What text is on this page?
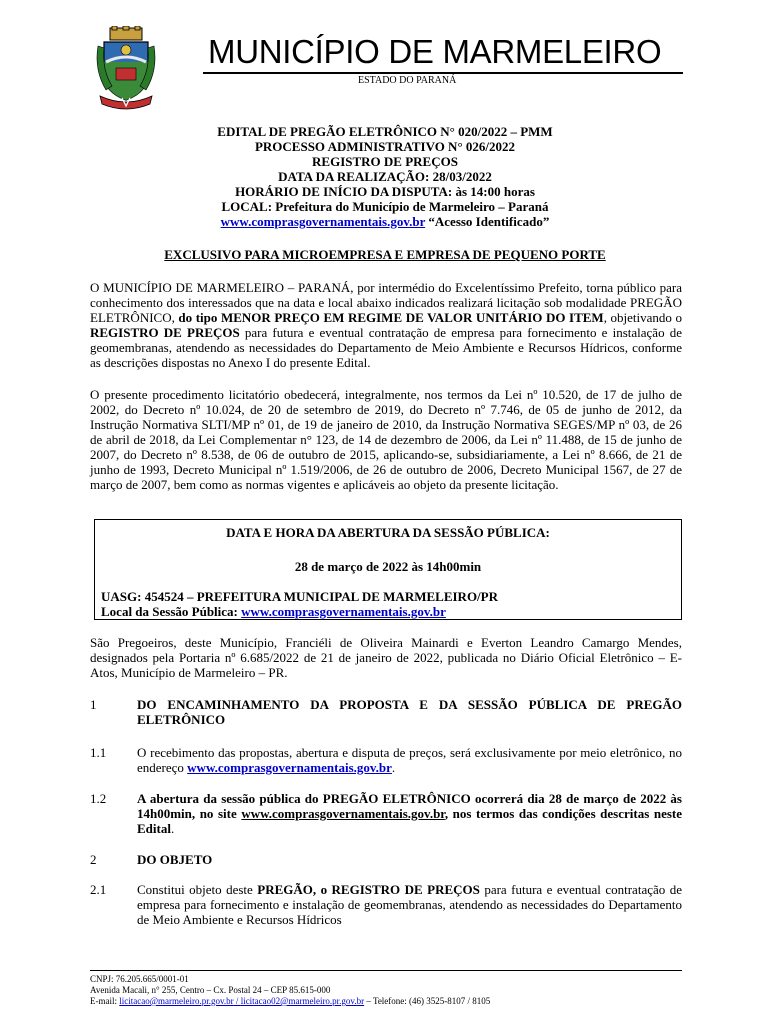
MUNICÍPIO DE MARMELEIRO
ESTADO DO PARANÁ
EDITAL DE PREGÃO ELETRÔNICO N° 020/2022 – PMM
PROCESSO ADMINISTRATIVO N° 026/2022
REGISTRO DE PREÇOS
DATA DA REALIZAÇÃO: 28/03/2022
HORÁRIO DE INÍCIO DA DISPUTA: às 14:00 horas
LOCAL: Prefeitura do Município de Marmeleiro – Paraná
www.comprasgovernamentais.gov.br “Acesso Identificado”
EXCLUSIVO PARA MICROEMPRESA E EMPRESA DE PEQUENO PORTE
O MUNICÍPIO DE MARMELEIRO – PARANÁ, por intermédio do Excelentíssimo Prefeito, torna público para conhecimento dos interessados que na data e local abaixo indicados realizará licitação sob modalidade PREGÃO ELETRÔNICO, do tipo MENOR PREÇO EM REGIME DE VALOR UNITÁRIO DO ITEM, objetivando o REGISTRO DE PREÇOS para futura e eventual contratação de empresa para fornecimento e instalação de geomembranas, atendendo as necessidades do Departamento de Meio Ambiente e Recursos Hídricos, conforme as descrições dispostas no Anexo I do presente Edital.
O presente procedimento licitatório obedecerá, integralmente, nos termos da Lei nº 10.520, de 17 de julho de 2002, do Decreto nº 10.024, de 20 de setembro de 2019, do Decreto nº 7.746, de 05 de junho de 2012, da Instrução Normativa SLTI/MP nº 01, de 19 de janeiro de 2010, da Instrução Normativa SEGES/MP nº 03, de 26 de abril de 2018, da Lei Complementar n° 123, de 14 de dezembro de 2006, da Lei nº 11.488, de 15 de junho de 2007, do Decreto nº 8.538, de 06 de outubro de 2015, aplicando-se, subsidiariamente, a Lei nº 8.666, de 21 de junho de 1993, Decreto Municipal nº 1.519/2006, de 26 de outubro de 2006, Decreto Municipal 1567, de 27 de março de 2007, bem como as normas vigentes e aplicáveis ao objeto da presente licitação.
DATA E HORA DA ABERTURA DA SESSÃO PÚBLICA:
28 de março de 2022 às 14h00min
UASG: 454524 – PREFEITURA MUNICIPAL DE MARMELEIRO/PR
Local da Sessão Pública: www.comprasgovernamentais.gov.br
São Pregoeiros, deste Município, Franciéli de Oliveira Mainardi e Everton Leandro Camargo Mendes, designados pela Portaria nº 6.685/2022 de 21 de janeiro de 2022, publicada no Diário Oficial Eletrônico – E-Atos, Município de Marmeleiro – PR.
1	DO ENCAMINHAMENTO DA PROPOSTA E DA SESSÃO PÚBLICA DE PREGÃO ELETRÔNICO
1.1	O recebimento das propostas, abertura e disputa de preços, será exclusivamente por meio eletrônico, no endereço www.comprasgovernamentais.gov.br.
1.2	A abertura da sessão pública do PREGÃO ELETRÔNICO ocorrerá dia 28 de março de 2022 às 14h00min, no site www.comprasgovernamentais.gov.br, nos termos das condições descritas neste Edital.
2	DO OBJETO
2.1	Constitui objeto deste PREGÃO, o REGISTRO DE PREÇOS para futura e eventual contratação de empresa para fornecimento e instalação de geomembranas, atendendo as necessidades do Departamento de Meio Ambiente e Recursos Hídricos
CNPJ: 76.205.665/0001-01
Avenida Macali, n° 255, Centro – Cx. Postal 24 – CEP 85.615-000
E-mail: licitacao@marmeleiro.pr.gov.br / licitacao02@marmeleiro.pr.gov.br – Telefone: (46) 3525-8107 / 8105
